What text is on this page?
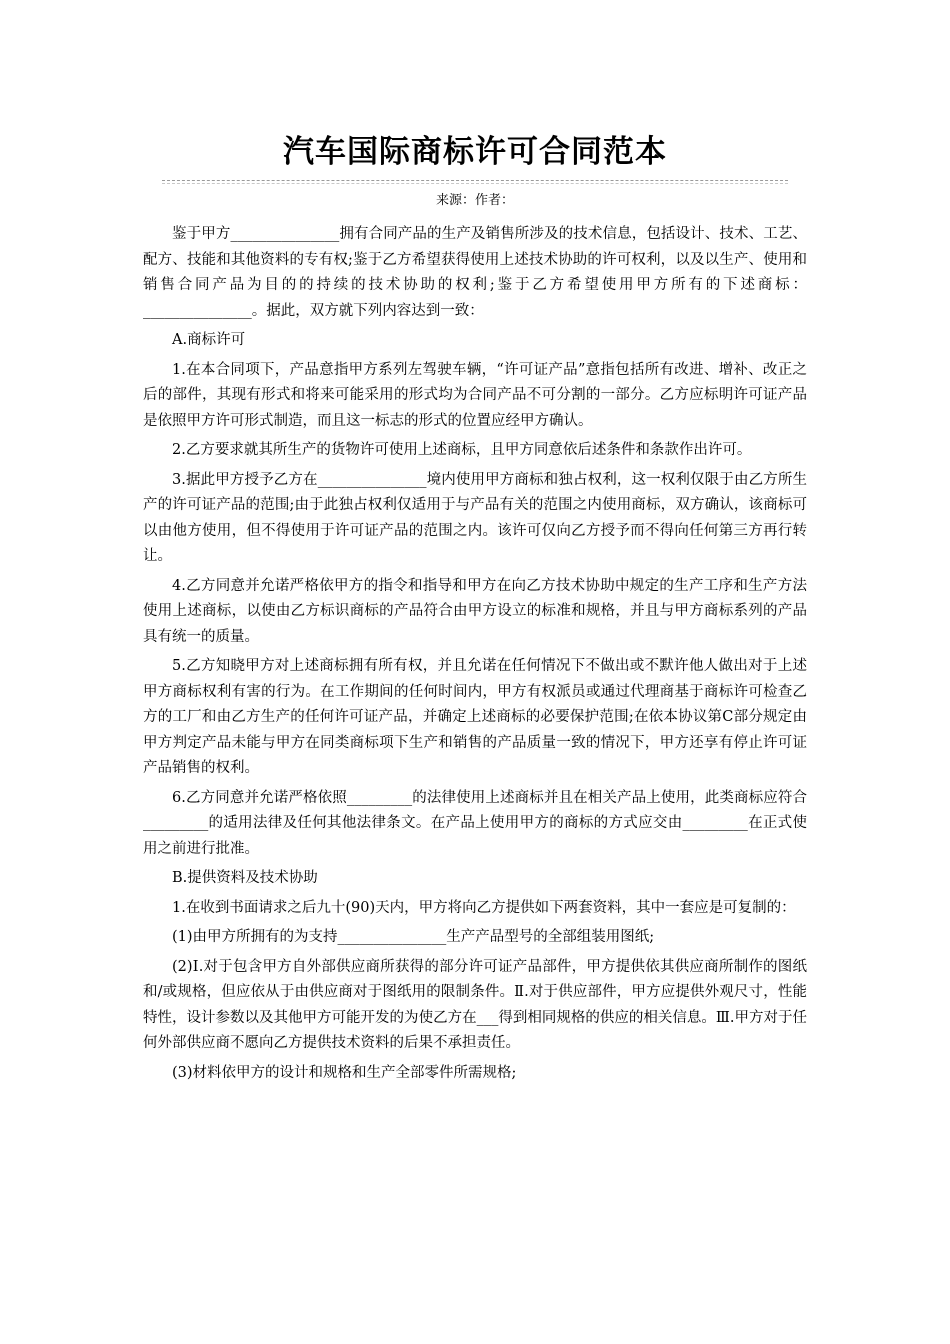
汽车国际商标许可合同范本
来源：作者：

鉴于甲方_______________拥有合同产品的生产及销售所涉及的技术信息，包括设计、技术、工艺、配方、技能和其他资料的专有权;鉴于乙方希望获得使用上述技术协助的许可权利，以及以生产、使用和销售合同产品为目的的持续的技术协助的权利;鉴于乙方希望使用甲方所有的下述商标：_______________。据此，双方就下列内容达到一致：

A.商标许可

1.在本合同项下，产品意指甲方系列左驾驶车辆，“许可证产品”意指包括所有改进、增补、改正之后的部件，其现有形式和将来可能采用的形式均为合同产品不可分割的一部分。乙方应标明许可证产品是依照甲方许可形式制造，而且这一标志的形式的位置应经甲方确认。

2.乙方要求就其所生产的货物许可使用上述商标，且甲方同意依后述条件和条款作出许可。

3.据此甲方授予乙方在_______________境内使用甲方商标和独占权利，这一权利仅限于由乙方所生产的许可证产品的范围;由于此独占权利仅适用于与产品有关的范围之内使用商标，双方确认，该商标可以由他方使用，但不得使用于许可证产品的范围之内。该许可仅向乙方授予而不得向任何第三方再行转让。

4.乙方同意并允诺严格依甲方的指令和指导和甲方在向乙方技术协助中规定的生产工序和生产方法使用上述商标，以使由乙方标识商标的产品符合由甲方设立的标准和规格，并且与甲方商标系列的产品具有统一的质量。

5.乙方知晓甲方对上述商标拥有所有权，并且允诺在任何情况下不做出或不默许他人做出对于上述甲方商标权利有害的行为。在工作期间的任何时间内，甲方有权派员或通过代理商基于商标许可检查乙方的工厂和由乙方生产的任何许可证产品，并确定上述商标的必要保护范围;在依本协议第C部分规定由甲方判定产品未能与甲方在同类商标项下生产和销售的产品质量一致的情况下，甲方还享有停止许可证产品销售的权利。

6.乙方同意并允诺严格依照_________的法律使用上述商标并且在相关产品上使用，此类商标应符合_________的适用法律及任何其他法律条文。在产品上使用甲方的商标的方式应交由_________在正式使用之前进行批准。

B.提供资料及技术协助

1.在收到书面请求之后九十(90)天内，甲方将向乙方提供如下两套资料，其中一套应是可复制的：

(1)由甲方所拥有的为支持_______________生产产品型号的全部组装用图纸;

(2)Ⅰ.对于包含甲方自外部供应商所获得的部分许可证产品部件，甲方提供依其供应商所制作的图纸和/或规格，但应依从于由供应商对于图纸用的限制条件。Ⅱ.对于供应部件，甲方应提供外观尺寸，性能特性，设计参数以及其他甲方可能开发的为使乙方在___得到相同规格的供应的相关信息。Ⅲ.甲方对于任何外部供应商不愿向乙方提供技术资料的后果不承担责任。

(3)材料依甲方的设计和规格和生产全部零件所需规格;
